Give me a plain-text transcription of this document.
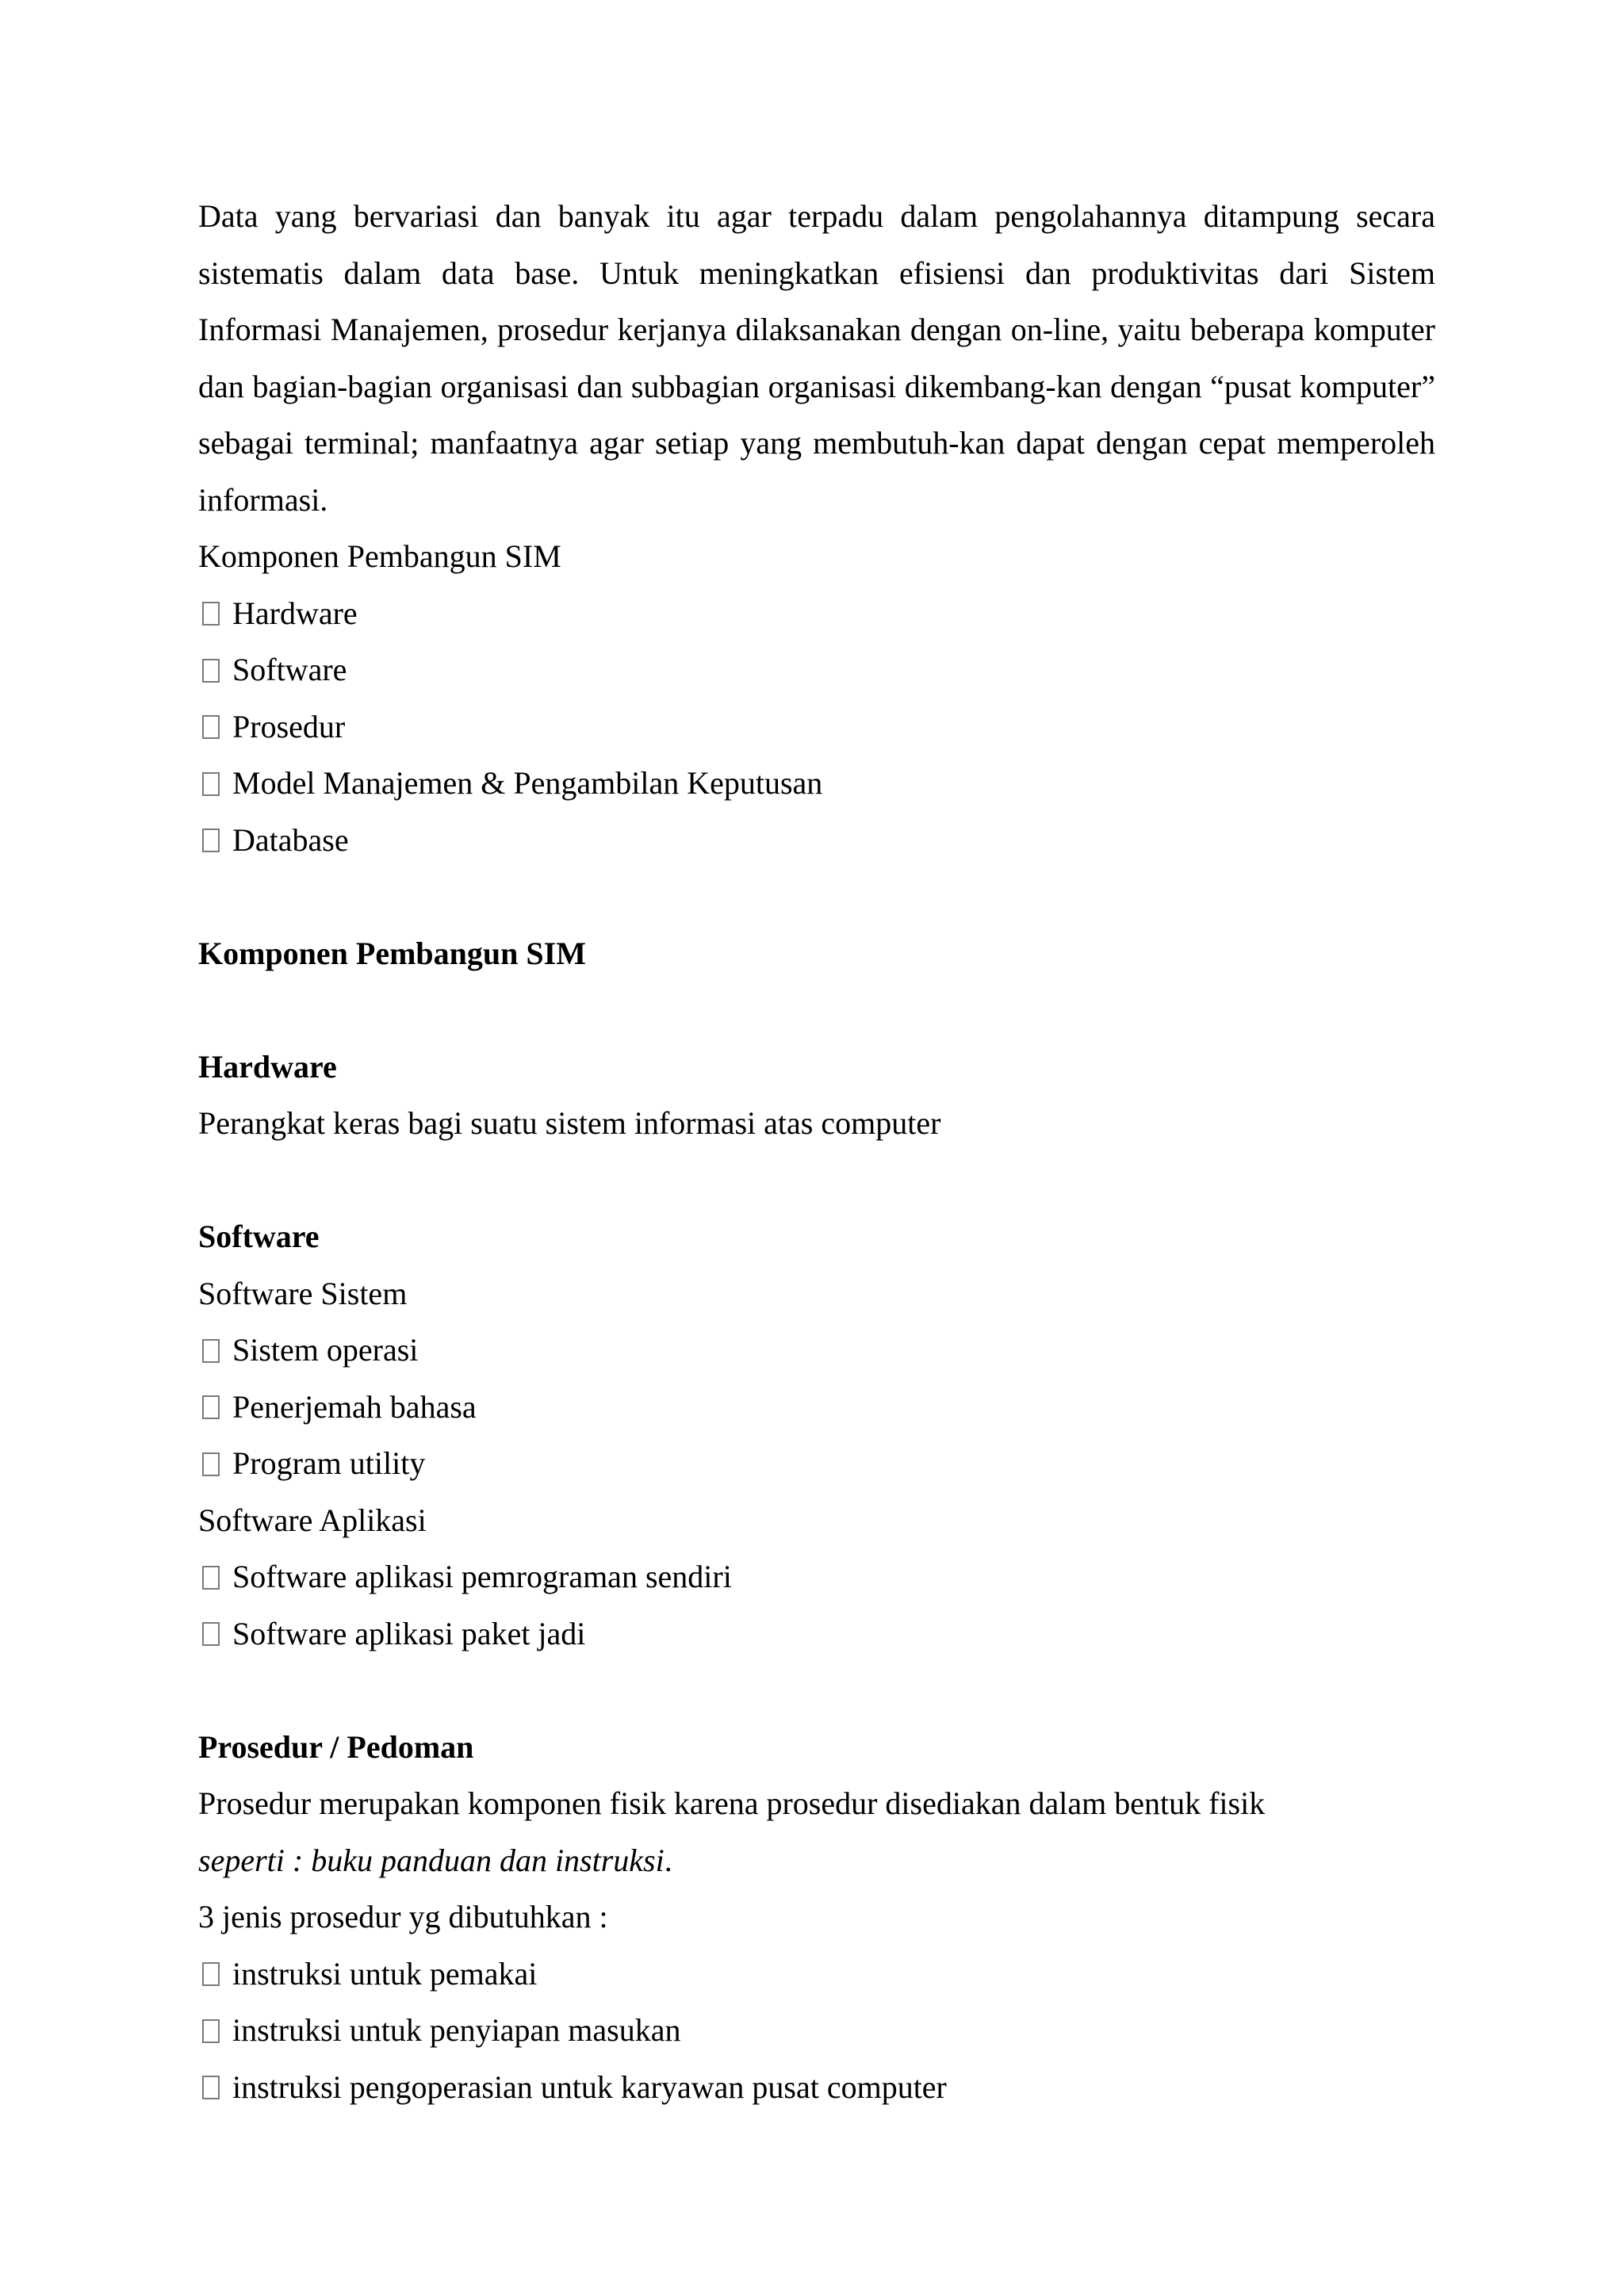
Data yang bervariasi dan banyak itu agar terpadu dalam pengolahannya ditampung secara sistematis dalam data base. Untuk meningkatkan efisiensi dan produktivitas dari Sistem Informasi Manajemen, prosedur kerjanya dilaksanakan dengan on-line, yaitu beberapa komputer dan bagian-bagian organisasi dan subbagian organisasi dikembang-kan dengan “pusat komputer” sebagai terminal; manfaatnya agar setiap yang membutuh-kan dapat dengan cepat memperoleh informasi.

Komponen Pembangun SIM

Hardware

Software

Prosedur

Model Manajemen & Pengambilan Keputusan

Database

Komponen Pembangun SIM

Hardware

Perangkat keras bagi suatu sistem informasi atas computer

Software

Software Sistem

Sistem operasi

Penerjemah bahasa

Program utility

Software Aplikasi

Software aplikasi pemrograman sendiri

Software aplikasi paket jadi

Prosedur / Pedoman

Prosedur merupakan komponen fisik karena prosedur disediakan dalam bentuk fisik

seperti : buku panduan dan instruksi.

3 jenis prosedur yg dibutuhkan :

instruksi untuk pemakai

instruksi untuk penyiapan masukan

instruksi pengoperasian untuk karyawan pusat computer
